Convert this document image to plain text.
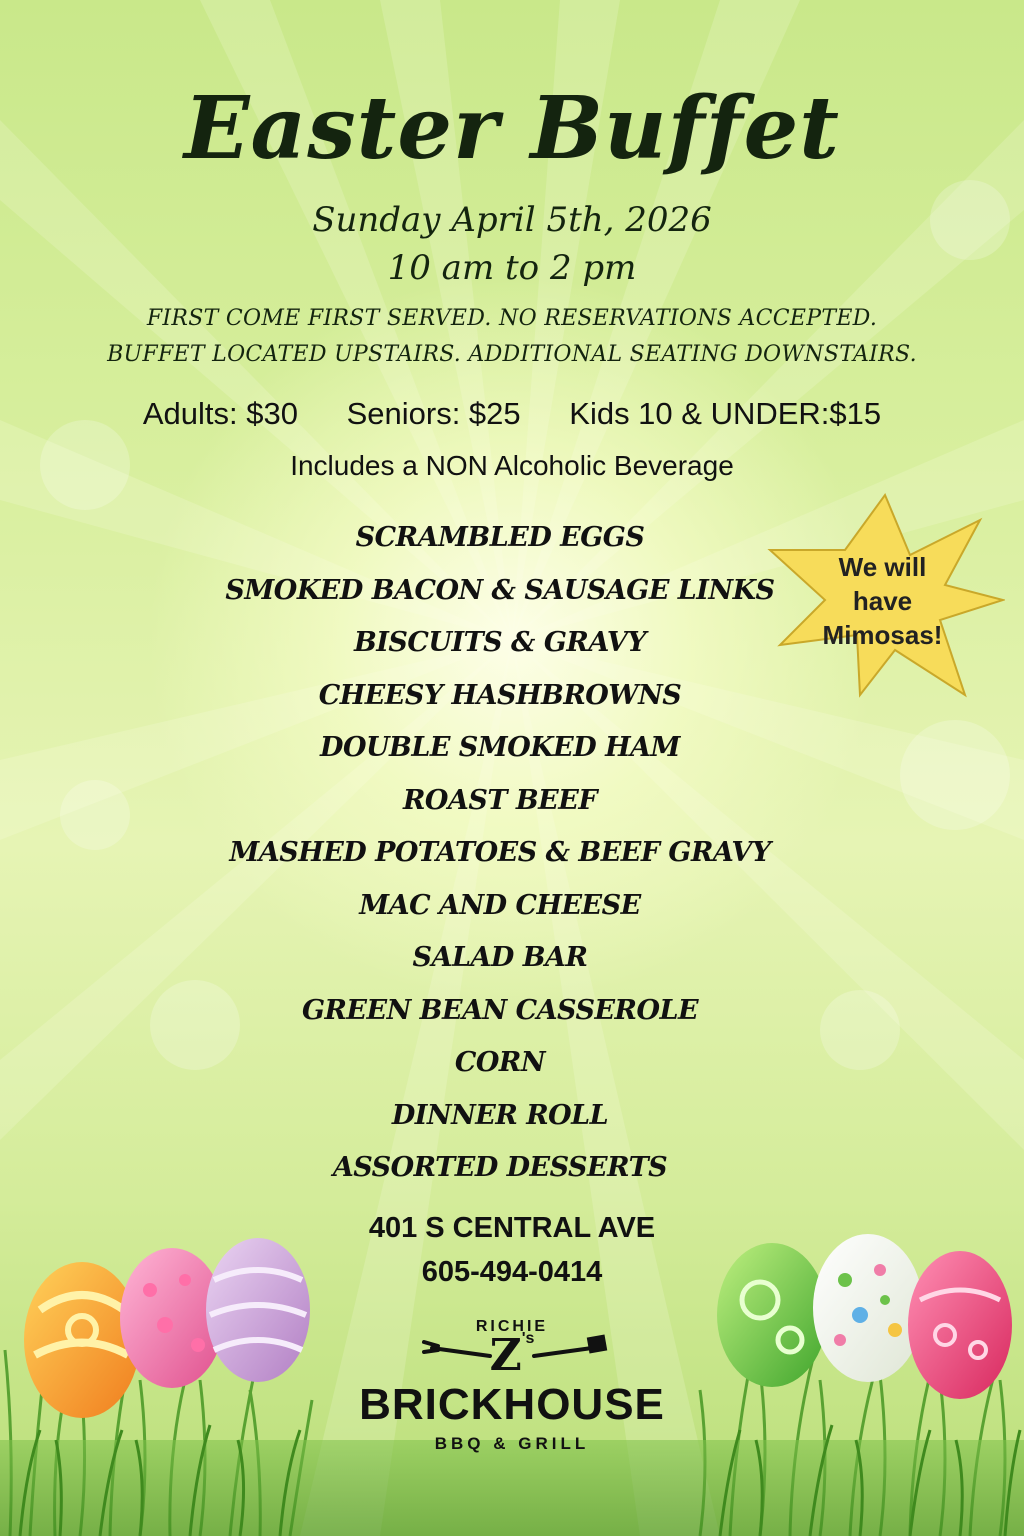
Easter Buffet
Sunday April 5th, 2026
10 am to 2 pm
FIRST COME FIRST SERVED. NO RESERVATIONS ACCEPTED.
BUFFET LOCATED UPSTAIRS. ADDITIONAL SEATING DOWNSTAIRS.
Adults: $30 Seniors: $25 Kids 10 & UNDER:$15
Includes a NON Alcoholic Beverage
SCRAMBLED EGGS
SMOKED BACON & SAUSAGE LINKS
BISCUITS & GRAVY
CHEESY HASHBROWNS
DOUBLE SMOKED HAM
ROAST BEEF
MASHED POTATOES & BEEF GRAVY
MAC AND CHEESE
SALAD BAR
GREEN BEAN CASSEROLE
CORN
DINNER ROLL
ASSORTED DESSERTS
We will
have
Mimosas!
401 S CENTRAL AVE
605-494-0414
RICHIE
$Z^{'s}$
BRICKHOUSE
BBQ & GRILL
